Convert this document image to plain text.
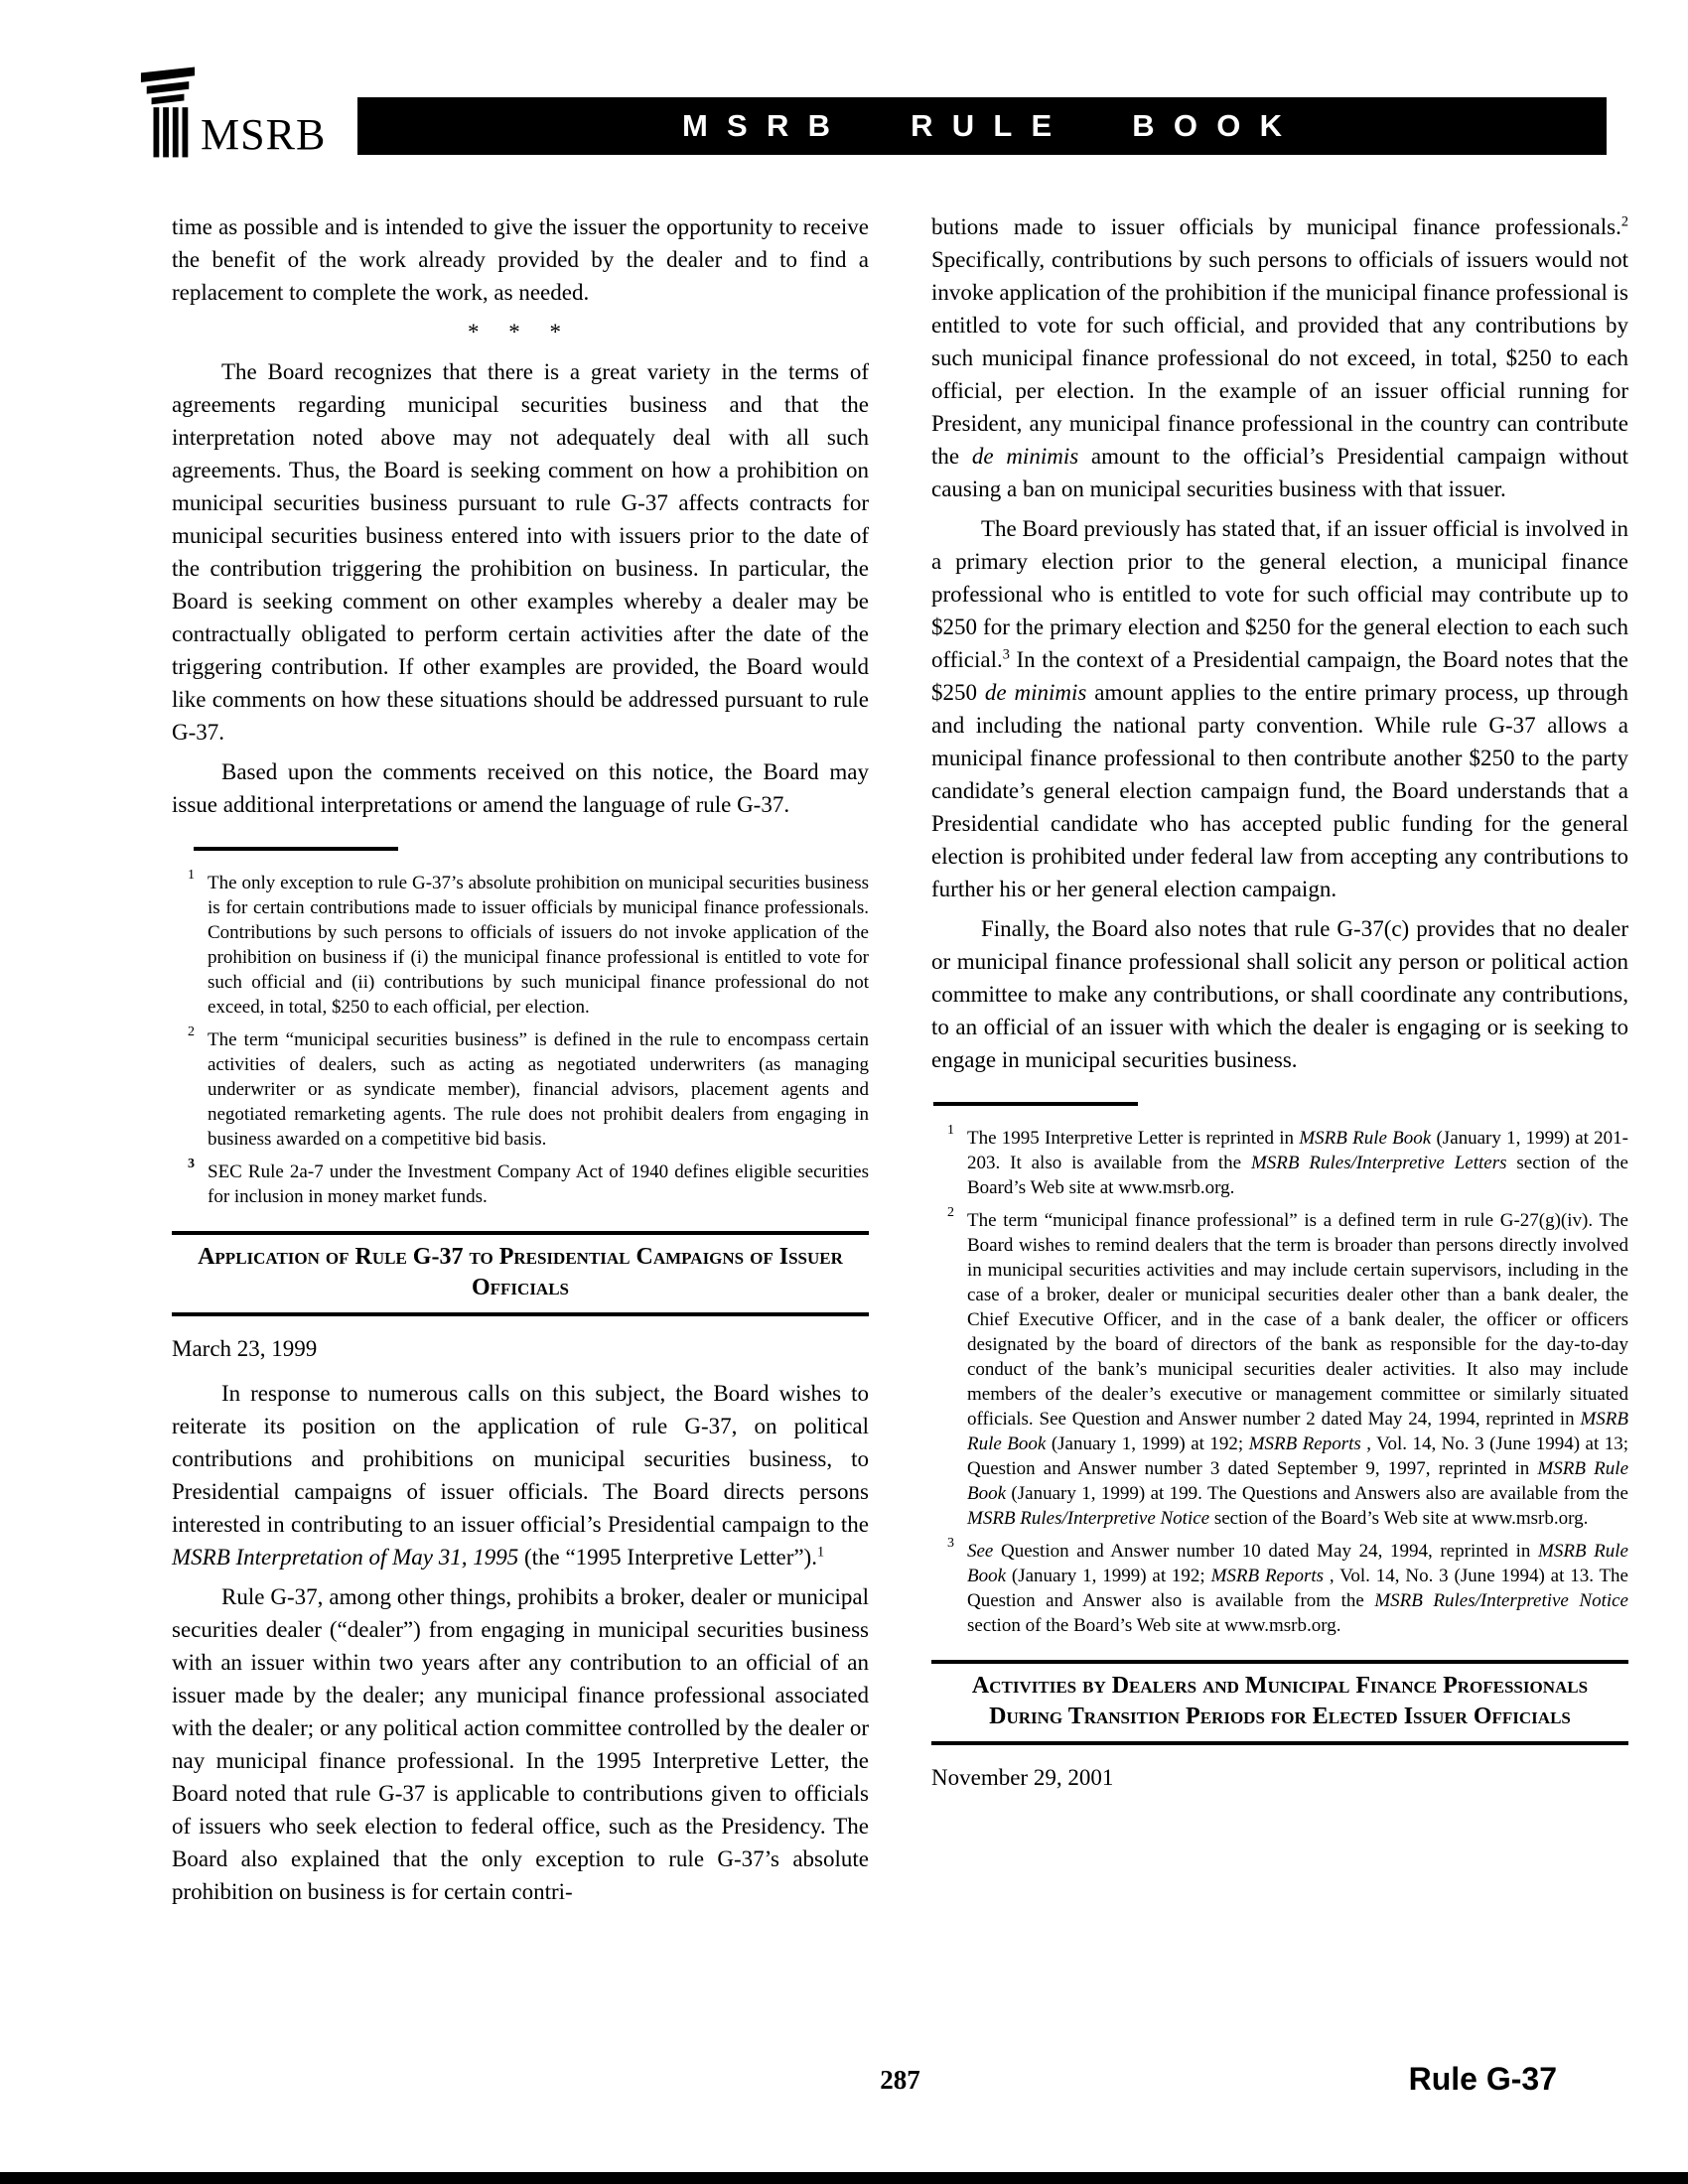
MSRB	MSRB RULE BOOK

time as possible and is intended to give the issuer the opportunity to receive the benefit of the work already provided by the dealer and to find a replacement to complete the work, as needed.

* * *

The Board recognizes that there is a great variety in the terms of agreements regarding municipal securities business and that the interpretation noted above may not adequately deal with all such agreements. Thus, the Board is seeking comment on how a prohibition on municipal securities business pursuant to rule G-37 affects contracts for municipal securities business entered into with issuers prior to the date of the contribution triggering the prohibition on business. In particular, the Board is seeking comment on other examples whereby a dealer may be contractually obligated to perform certain activities after the date of the triggering contribution. If other examples are provided, the Board would like comments on how these situations should be addressed pursuant to rule G-37.

Based upon the comments received on this notice, the Board may issue additional interpretations or amend the language of rule G-37.

1 The only exception to rule G-37’s absolute prohibition on municipal securities business is for certain contributions made to issuer officials by municipal finance professionals. Contributions by such persons to officials of issuers do not invoke application of the prohibition on business if (i) the municipal finance professional is entitled to vote for such official and (ii) contributions by such municipal finance professional do not exceed, in total, $250 to each official, per election.
2 The term “municipal securities business” is defined in the rule to encompass certain activities of dealers, such as acting as negotiated underwriters (as managing underwriter or as syndicate member), financial advisors, placement agents and negotiated remarketing agents. The rule does not prohibit dealers from engaging in business awarded on a competitive bid basis.
3 SEC Rule 2a-7 under the Investment Company Act of 1940 defines eligible securities for inclusion in money market funds.
Application of Rule G-37 to Presidential Campaigns of Issuer Officials

March 23, 1999

In response to numerous calls on this subject, the Board wishes to reiterate its position on the application of rule G-37, on political contributions and prohibitions on municipal securities business, to Presidential campaigns of issuer officials. The Board directs persons interested in contributing to an issuer official’s Presidential campaign to the MSRB Interpretation of May 31, 1995 (the “1995 Interpretive Letter”).$^1$

Rule G-37, among other things, prohibits a broker, dealer or municipal securities dealer (“dealer”) from engaging in municipal securities business with an issuer within two years after any contribution to an official of an issuer made by the dealer; any municipal finance professional associated with the dealer; or any political action committee controlled by the dealer or nay municipal finance professional. In the 1995 Interpretive Letter, the Board noted that rule G-37 is applicable to contributions given to officials of issuers who seek election to federal office, such as the Presidency. The Board also explained that the only exception to rule G-37’s absolute prohibition on business is for certain contri-

butions made to issuer officials by municipal finance professionals.$^2$ Specifically, contributions by such persons to officials of issuers would not invoke application of the prohibition if the municipal finance professional is entitled to vote for such official, and provided that any contributions by such municipal finance professional do not exceed, in total, $250 to each official, per election. In the example of an issuer official running for President, any municipal finance professional in the country can contribute the de minimis amount to the official’s Presidential campaign without causing a ban on municipal securities business with that issuer.

The Board previously has stated that, if an issuer official is involved in a primary election prior to the general election, a municipal finance professional who is entitled to vote for such official may contribute up to $250 for the primary election and $250 for the general election to each such official.$^3$ In the context of a Presidential campaign, the Board notes that the $250 de minimis amount applies to the entire primary process, up through and including the national party convention. While rule G-37 allows a municipal finance professional to then contribute another $250 to the party candidate’s general election campaign fund, the Board understands that a Presidential candidate who has accepted public funding for the general election is prohibited under federal law from accepting any contributions to further his or her general election campaign.

Finally, the Board also notes that rule G-37(c) provides that no dealer or municipal finance professional shall solicit any person or political action committee to make any contributions, or shall coordinate any contributions, to an official of an issuer with which the dealer is engaging or is seeking to engage in municipal securities business.

1 The 1995 Interpretive Letter is reprinted in MSRB Rule Book (January 1, 1999) at 201-203. It also is available from the MSRB Rules/Interpretive Letters section of the Board’s Web site at www.msrb.org.
2 The term “municipal finance professional” is a defined term in rule G-27(g)(iv). The Board wishes to remind dealers that the term is broader than persons directly involved in municipal securities activities and may include certain supervisors, including in the case of a broker, dealer or municipal securities dealer other than a bank dealer, the Chief Executive Officer, and in the case of a bank dealer, the officer or officers designated by the board of directors of the bank as responsible for the day-to-day conduct of the bank’s municipal securities dealer activities. It also may include members of the dealer’s executive or management committee or similarly situated officials. See Question and Answer number 2 dated May 24, 1994, reprinted in MSRB Rule Book (January 1, 1999) at 192; MSRB Reports , Vol. 14, No. 3 (June 1994) at 13; Question and Answer number 3 dated September 9, 1997, reprinted in MSRB Rule Book (January 1, 1999) at 199. The Questions and Answers also are available from the MSRB Rules/Interpretive Notice section of the Board’s Web site at www.msrb.org.
3 See Question and Answer number 10 dated May 24, 1994, reprinted in MSRB Rule Book (January 1, 1999) at 192; MSRB Reports , Vol. 14, No. 3 (June 1994) at 13. The Question and Answer also is available from the MSRB Rules/Interpretive Notice section of the Board’s Web site at www.msrb.org.
Activities by Dealers and Municipal Finance Professionals During Transition Periods for Elected Issuer Officials

November 29, 2001

287	Rule G-37
